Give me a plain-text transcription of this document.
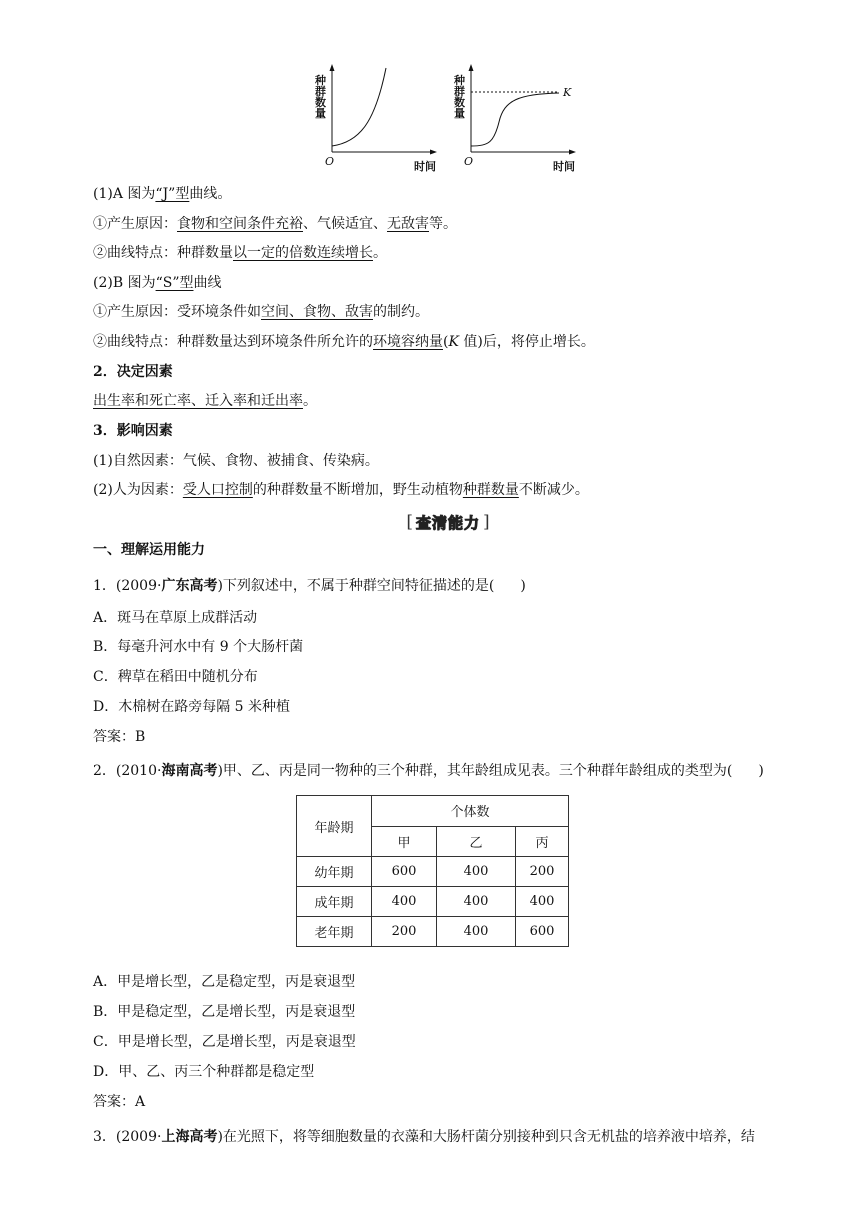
种
群
数
量
O	时间
种
群
数
量
O	时间
K
(1)A 图为“J”型曲线。
①产生原因：食物和空间条件充裕、气候适宜、无敌害等。
②曲线特点：种群数量以一定的倍数连续增长。
(2)B 图为“S”型曲线
①产生原因：受环境条件如空间、食物、敌害的制约。
②曲线特点：种群数量达到环境条件所允许的环境容纳量(K 值)后，将停止增长。
2．决定因素
出生率和死亡率、迁入率和迁出率。
3．影响因素
(1)自然因素：气候、食物、被捕食、传染病。
(2)人为因素：受人口控制的种群数量不断增加，野生动植物种群数量不断减少。
[ 查清能力 ]
一、理解运用能力
1．(2009·广东高考)下列叙述中，不属于种群空间特征描述的是( )
A．斑马在草原上成群活动
B．每毫升河水中有 9 个大肠杆菌
C．稗草在稻田中随机分布
D．木棉树在路旁每隔 5 米种植
答案：B
2．(2010·海南高考)甲、乙、丙是同一物种的三个种群，其年龄组成见表。三个种群年龄组成的类型为( )
年龄期	个体数		
	甲	乙	丙
幼年期	600	400	200
成年期	400	400	400
老年期	200	400	600
A．甲是增长型，乙是稳定型，丙是衰退型
B．甲是稳定型，乙是增长型，丙是衰退型
C．甲是增长型，乙是增长型，丙是衰退型
D．甲、乙、丙三个种群都是稳定型
答案：A
3．(2009·上海高考)在光照下，将等细胞数量的衣藻和大肠杆菌分别接种到只含无机盐的培养液中培养，结
